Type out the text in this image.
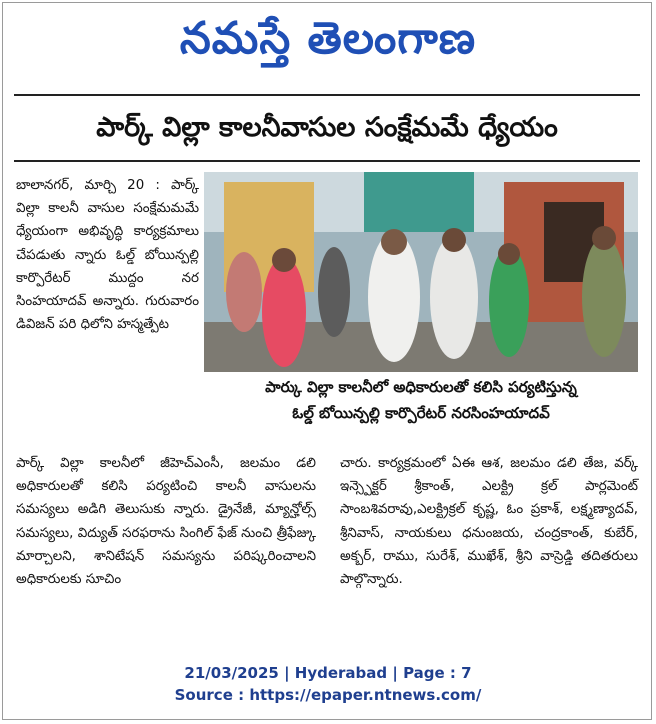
నమస్తే తెలంగాణ
పార్క్ విల్లా కాలనీవాసుల సంక్షేమమే ధ్యేయం

బాలానగర్, మార్చి 20 : పార్క్ విల్లా కాలనీ వాసుల సంక్షేమమమే ధ్యేయంగా అభివృద్ధి కార్యక్రమాలు చేపడుతు న్నారు ఓల్డ్ బోయిన్పల్లి కార్పొరేటర్ ముద్దం నర సింహయాదవ్ అన్నారు. గురువారం డివిజన్ పరి ధిలోని హస్మత్పేట

పార్కు విల్లా కాలనీలో అధికారులతో కలిసి పర్యటిస్తున్న
ఓల్డ్ బోయిన్పల్లి కార్పొరేటర్ నరసింహయాదవ్

పార్క్ విల్లా కాలనీలో జీహెచ్ఎంసీ, జలమం డలి అధికారులతో కలిసి పర్యటించి కాలనీ వాసులను సమస్యలు అడిగి తెలుసుకు న్నారు. డ్రైనేజీ, మ్యాన్హోల్స్ సమస్యలు, విద్యుత్ సరఫరాను సింగిల్ ఫేజ్ నుంచి త్రీఫేజ్కు మార్చాలని, శానిటేషన్ సమస్యను పరిష్కరించాలని అధికారులకు సూచిం

చారు. కార్యక్రమంలో ఏఈ ఆశ, జలమం డలి తేజ, వర్క్ ఇన్స్పెక్టర్ శ్రీకాంత్, ఎలక్ట్రి క్రల్ పార్లమెంట్ సాంబశివరావు,ఎలక్ట్రిక్రల్ కృష్ణ, ఓం ప్రకాశ్, లక్ష్మణ్యాదవ్, శ్రీనివాస్, నాయకులు ధనుంజయ, చంద్రకాంత్, కుబేర్, అక్బర్, రాము, సురేశ్, ముఖేశ్, శ్రీని వాస్రెడ్డి తదితరులు పాల్గొన్నారు.

21/03/2025 | Hyderabad | Page : 7
Source : https://epaper.ntnews.com/
